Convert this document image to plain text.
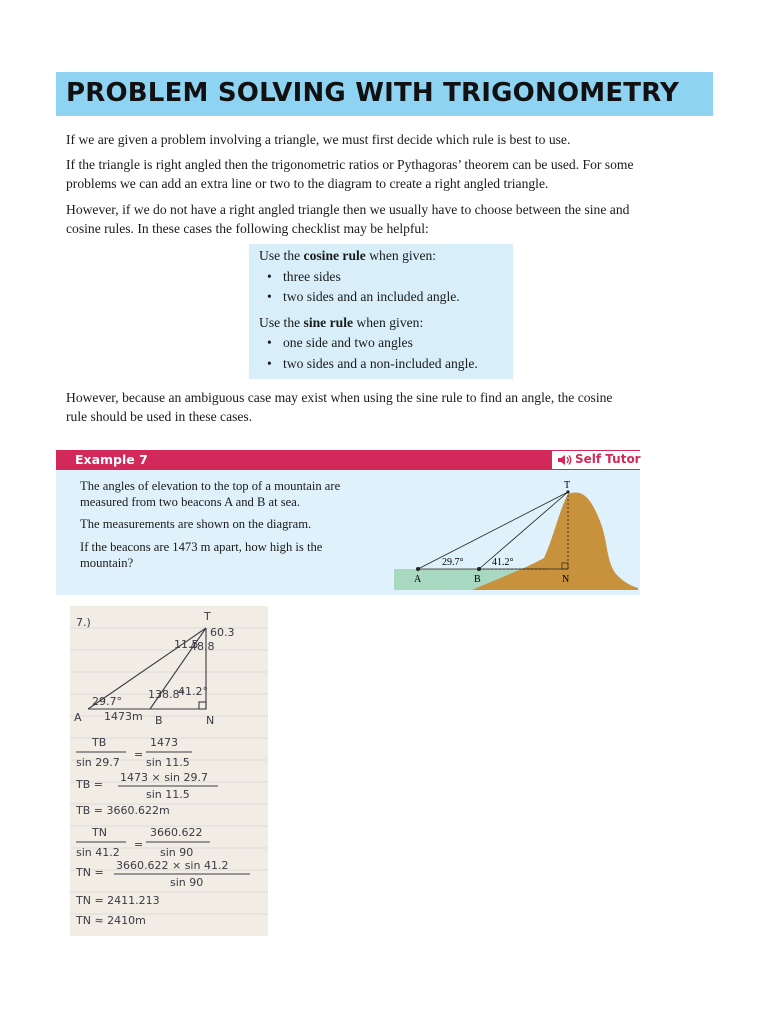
PROBLEM SOLVING WITH TRIGONOMETRY
If we are given a problem involving a triangle, we must first decide which rule is best to use.
If the triangle is right angled then the trigonometric ratios or Pythagoras’ theorem can be used. For some
problems we can add an extra line or two to the diagram to create a right angled triangle.
However, if we do not have a right angled triangle then we usually have to choose between the sine and
cosine rules. In these cases the following checklist may be helpful:
Use the cosine rule when given:
• three sides
• two sides and an included angle.
Use the sine rule when given:
• one side and two angles
• two sides and a non-included angle.
However, because an ambiguous case may exist when using the sine rule to find an angle, the cosine
rule should be used in these cases.
Example 7	Self Tutor
The angles of elevation to the top of a mountain are
measured from two beacons A and B at sea.
The measurements are shown on the diagram.
If the beacons are 1473 m apart, how high is the
mountain?	29.7°	41.2°
T
A	B	N
7.)	T
60.3
11.5
48.8
29.7°
138.8°
41.2°
A 1473m B	N
TB
sin 29.7
=
1473
sin 11.5
TB =
1473 × sin 29.7
sin 11.5
TB = 3660.622m
TN
sin 41.2
=
3660.622
sin 90
TN =
3660.622 × sin 41.2
sin 90
TN = 2411.213
TN ≈ 2410m
